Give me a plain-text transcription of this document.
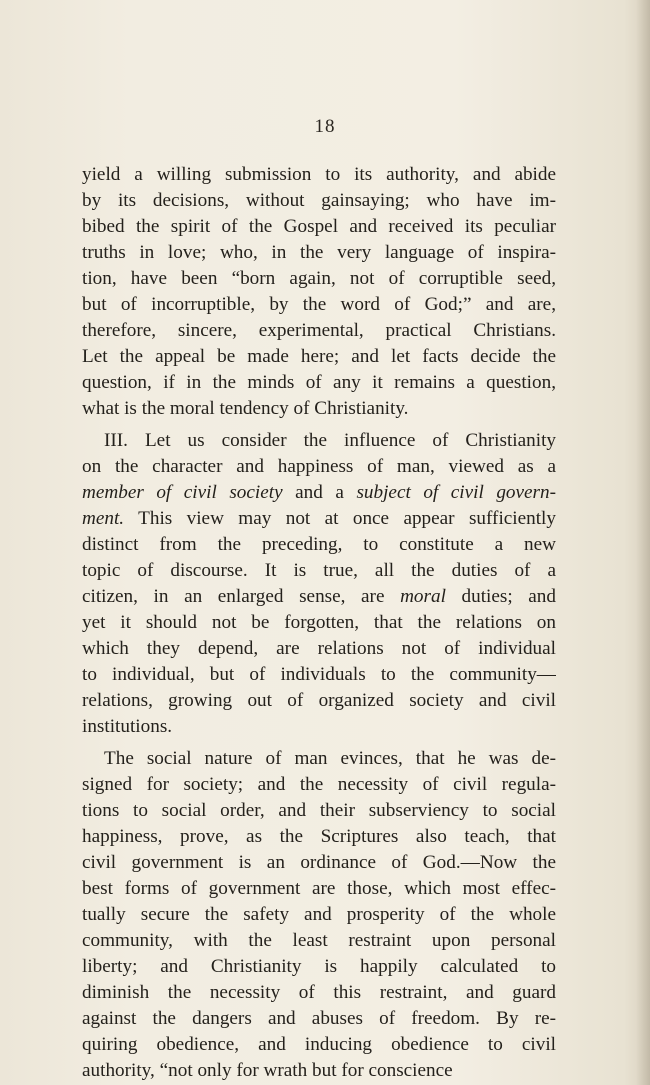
18
yield a willing submission to its authority, and abide
by its decisions, without gainsaying; who have im-
bibed the spirit of the Gospel and received its peculiar
truths in love; who, in the very language of inspira-
tion, have been “born again, not of corruptible seed,
but of incorruptible, by the word of God;” and are,
therefore, sincere, experimental, practical Christians.
Let the appeal be made here; and let facts decide the
question, if in the minds of any it remains a question,
what is the moral tendency of Christianity.
III. Let us consider the influence of Christianity
on the character and happiness of man, viewed as a
member of civil society and a subject of civil govern-
ment. This view may not at once appear sufficiently
distinct from the preceding, to constitute a new
topic of discourse. It is true, all the duties of a
citizen, in an enlarged sense, are moral duties; and
yet it should not be forgotten, that the relations on
which they depend, are relations not of individual
to individual, but of individuals to the community—
relations, growing out of organized society and civil
institutions.
The social nature of man evinces, that he was de-
signed for society; and the necessity of civil regula-
tions to social order, and their subserviency to social
happiness, prove, as the Scriptures also teach, that
civil government is an ordinance of God.—Now the
best forms of government are those, which most effec-
tually secure the safety and prosperity of the whole
community, with the least restraint upon personal
liberty; and Christianity is happily calculated to
diminish the necessity of this restraint, and guard
against the dangers and abuses of freedom. By re-
quiring obedience, and inducing obedience to civil
authority, “not only for wrath but for conscience
